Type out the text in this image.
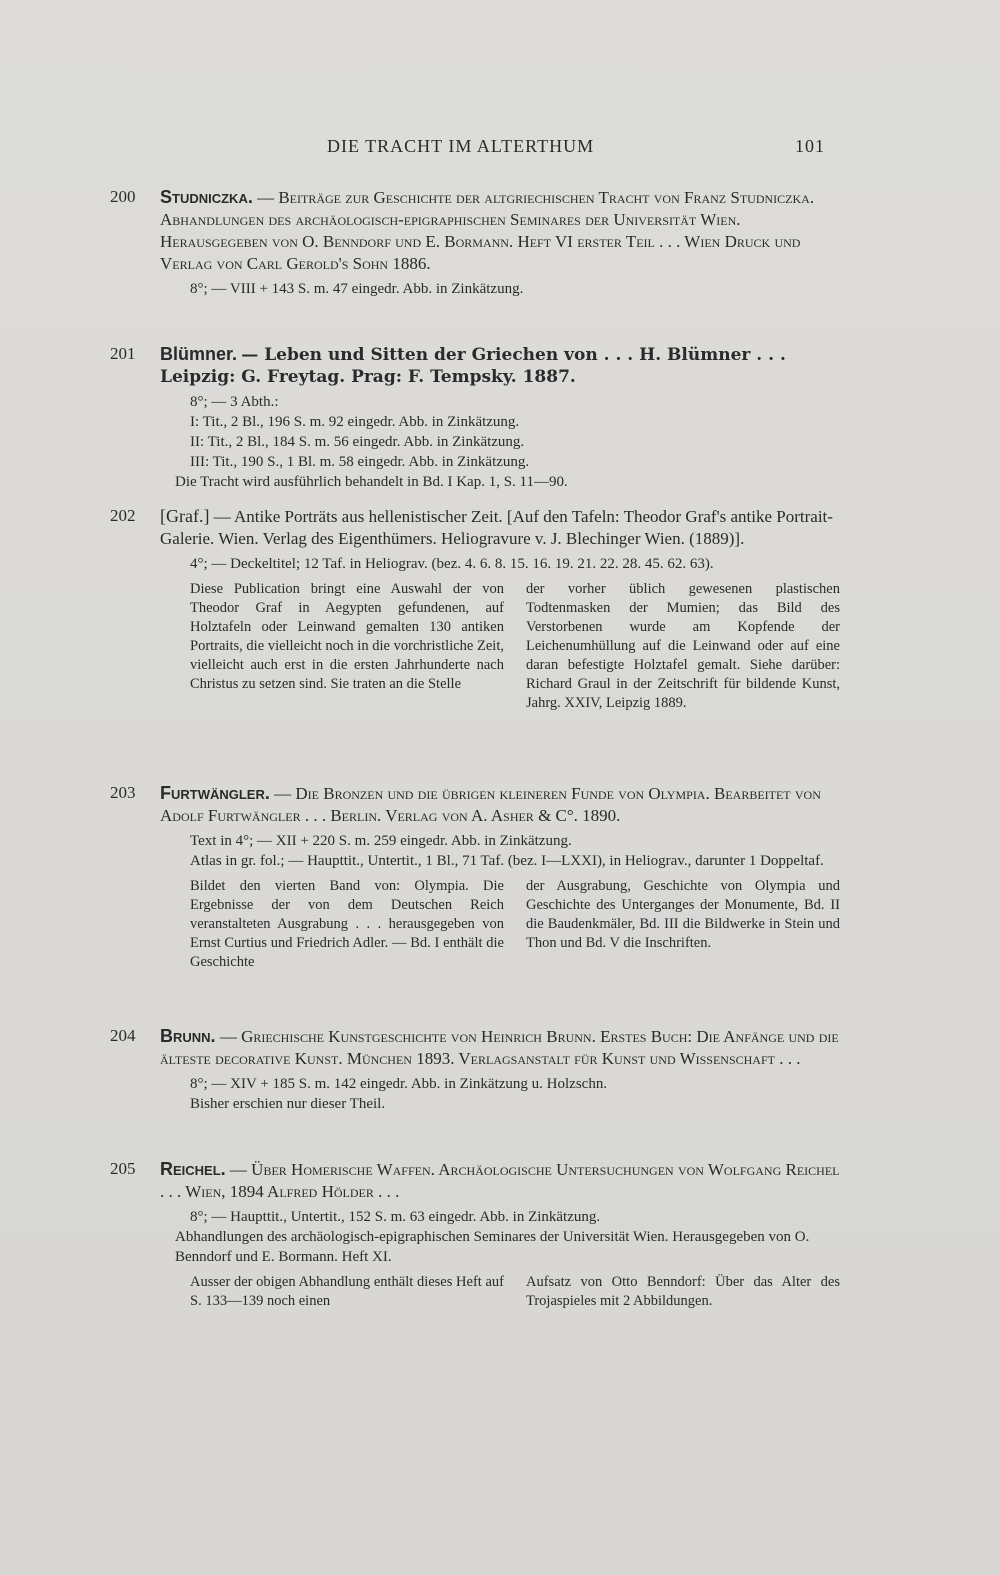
DIE TRACHT IM ALTERTHUM	101
200 Studniczka. — Beiträge zur Geschichte der altgriechischen Tracht von Franz Studniczka. Abhandlungen des archäologisch-epigraphischen Seminares der Universität Wien. Herausgegeben von O. Benndorf und E. Bormann. Heft VI erster Teil . . . Wien Druck und Verlag von Carl Gerold's Sohn 1886.
8°; — VIII + 143 S. m. 47 eingedr. Abb. in Zinkätzung.
201 Blümner. — Leben und Sitten der Griechen von . . . H. Blümner . . . Leipzig: G. Freytag. Prag: F. Tempsky. 1887.
8°; — 3 Abth.:
I: Tit., 2 Bl., 196 S. m. 92 eingedr. Abb. in Zinkätzung.
II: Tit., 2 Bl., 184 S. m. 56 eingedr. Abb. in Zinkätzung.
III: Tit., 190 S., 1 Bl. m. 58 eingedr. Abb. in Zinkätzung.
Die Tracht wird ausführlich behandelt in Bd. I Kap. 1, S. 11—90.
202 [Graf.] — Antike Porträts aus hellenistischer Zeit. [Auf den Tafeln: Theodor Graf's antike Portrait-Galerie. Wien. Verlag des Eigenthümers. Heliogravure v. J. Blechinger Wien. (1889)].
4°; — Deckeltitel; 12 Taf. in Heliograv. (bez. 4. 6. 8. 15. 16. 19. 21. 22. 28. 45. 62. 63).
Diese Publication bringt eine Auswahl der von Theodor Graf in Aegypten gefundenen, auf Holztafeln oder Leinwand gemalten 130 antiken Portraits, die vielleicht noch in die vorchristliche Zeit, vielleicht auch erst in die ersten Jahrhunderte nach Christus zu setzen sind. Sie traten an die Stelle
der vorher üblich gewesenen plastischen Todtenmasken der Mumien; das Bild des Verstorbenen wurde am Kopfende der Leichenumhüllung auf die Leinwand oder auf eine daran befestigte Holztafel gemalt. Siehe darüber: Richard Graul in der Zeitschrift für bildende Kunst, Jahrg. XXIV, Leipzig 1889.
203 Furtwängler. — Die Bronzen und die übrigen kleineren Funde von Olympia. Bearbeitet von Adolf Furtwängler . . . Berlin. Verlag von A. Asher & C°. 1890.
Text in 4°; — XII + 220 S. m. 259 eingedr. Abb. in Zinkätzung.
Atlas in gr. fol.; — Haupttit., Untertit., 1 Bl., 71 Taf. (bez. I—LXXI), in Heliograv., darunter 1 Doppeltaf.
Bildet den vierten Band von: Olympia. Die Ergebnisse der von dem Deutschen Reich veranstalteten Ausgrabung . . . herausgegeben von Ernst Curtius und Friedrich Adler. — Bd. I enthält die Geschichte
der Ausgrabung, Geschichte von Olympia und Geschichte des Unterganges der Monumente, Bd. II die Baudenkmäler, Bd. III die Bildwerke in Stein und Thon und Bd. V die Inschriften.
204 Brunn. — Griechische Kunstgeschichte von Heinrich Brunn. Erstes Buch: Die Anfänge und die älteste decorative Kunst. München 1893. Verlagsanstalt für Kunst und Wissenschaft . . .
8°; — XIV + 185 S. m. 142 eingedr. Abb. in Zinkätzung u. Holzschn.
Bisher erschien nur dieser Theil.
205 Reichel. — Über Homerische Waffen. Archäologische Untersuchungen von Wolfgang Reichel . . . Wien, 1894 Alfred Hölder . . .
8°; — Haupttit., Untertit., 152 S. m. 63 eingedr. Abb. in Zinkätzung.
Abhandlungen des archäologisch-epigraphischen Seminares der Universität Wien. Herausgegeben von O. Benndorf und E. Bormann. Heft XI.
Ausser der obigen Abhandlung enthält dieses Heft auf S. 133—139 noch einen
Aufsatz von Otto Benndorf: Über das Alter des Trojaspieles mit 2 Abbildungen.
